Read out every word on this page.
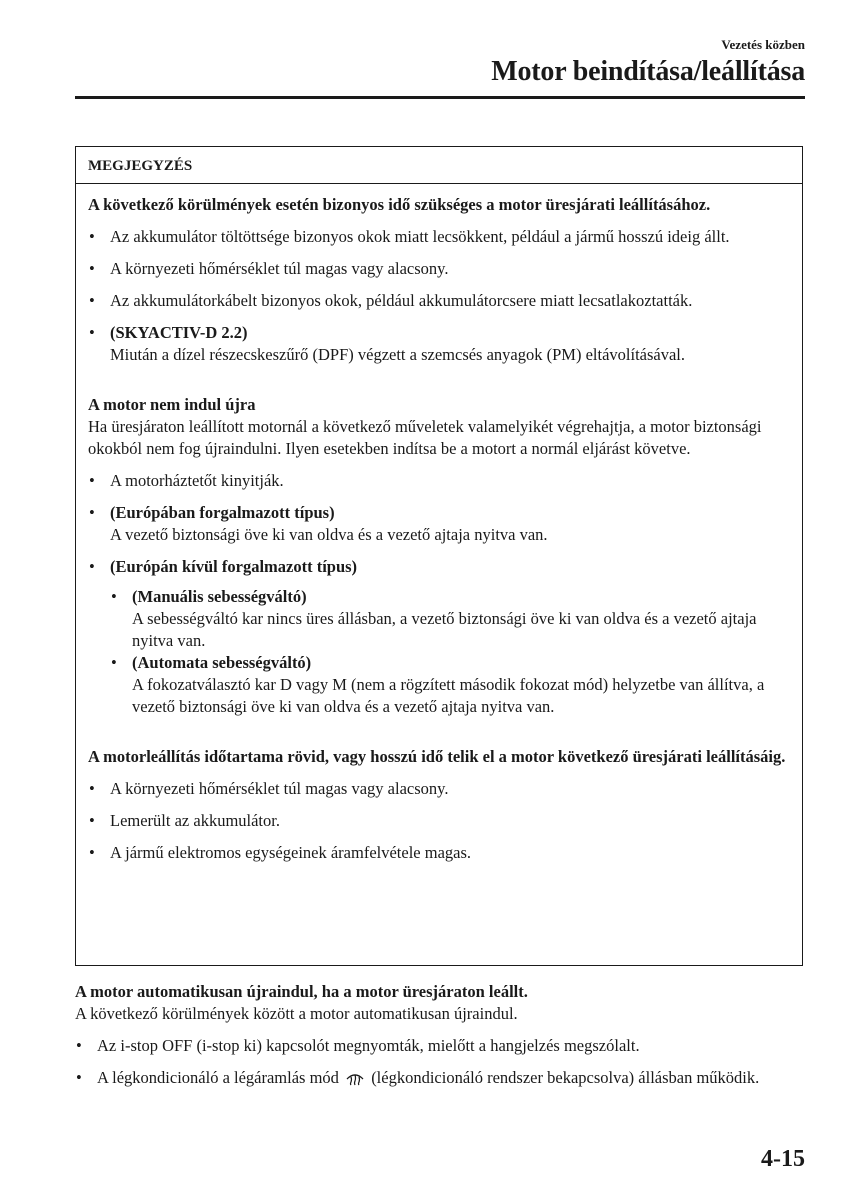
Vezetés közben
Motor beindítása/leállítása
MEGJEGYZÉS

A következő körülmények esetén bizonyos idő szükséges a motor üresjárati leállításához.

• Az akkumulátor töltöttsége bizonyos okok miatt lecsökkent, például a jármű hosszú ideig állt.
• A környezeti hőmérséklet túl magas vagy alacsony.
• Az akkumulátorkábelt bizonyos okok, például akkumulátorcsere miatt lecsatlakoztatták.
• (SKYACTIV-D 2.2)
Miután a dízel részecskeszűrő (DPF) végzett a szemcsés anyagok (PM) eltávolításával.

A motor nem indul újra

Ha üresjáraton leállított motornál a következő műveletek valamelyikét végrehajtja, a motor biztonsági okokból nem fog újraindulni. Ilyen esetekben indítsa be a motort a normál eljárást követve.

• A motorháztetőt kinyitják.
• (Európában forgalmazott típus)
A vezető biztonsági öve ki van oldva és a vezető ajtaja nyitva van.
• (Európán kívül forgalmazott típus)
• (Manuális sebességváltó)
A sebességváltó kar nincs üres állásban, a vezető biztonsági öve ki van oldva és a vezető ajtaja nyitva van.
• (Automata sebességváltó)
A fokozatválasztó kar D vagy M (nem a rögzített második fokozat mód) helyzetbe van állítva, a vezető biztonsági öve ki van oldva és a vezető ajtaja nyitva van.

A motorleállítás időtartama rövid, vagy hosszú idő telik el a motor következő üresjárati leállításáig.

• A környezeti hőmérséklet túl magas vagy alacsony.
• Lemerült az akkumulátor.
• A jármű elektromos egységeinek áramfelvétele magas.

A motor automatikusan újraindul, ha a motor üresjáraton leállt.

A következő körülmények között a motor automatikusan újraindul.

• Az i-stop OFF (i-stop ki) kapcsolót megnyomták, mielőtt a hangjelzés megszólalt.
• A légkondicionáló a légáramlás mód (légkondicionáló rendszer bekapcsolva) állásban működik.
4-15
